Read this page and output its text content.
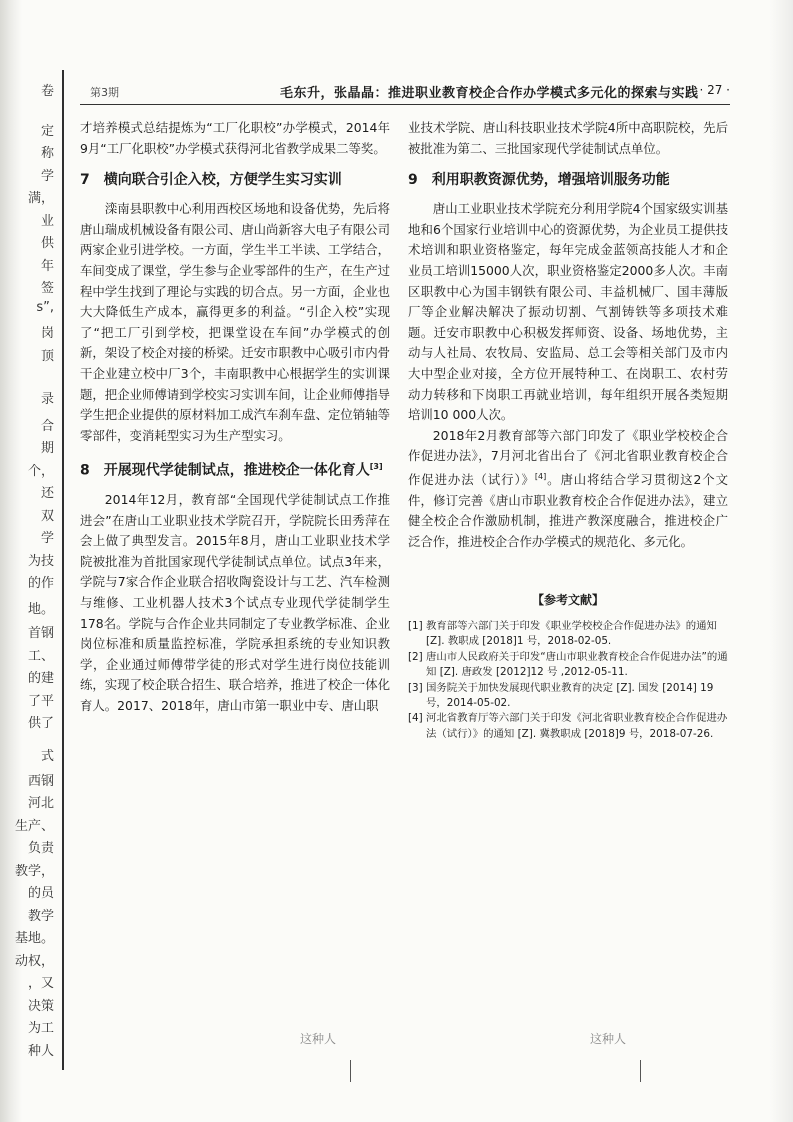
卷
定
称
学
满，
业
供
年
签
s”,
岗
顶
录
合
期
个，
还
双
学
为技
的作
地。
首钢
工、
的建
了平
供了
式
西钢
河北
生产、
负责
教学，
的员
教学
基地。
动权，
，又
决策
为工
种人
第3期	毛东升，张晶晶：推进职业教育校企合作办学模式多元化的探索与实践 · 27 ·

才培养模式总结提炼为“工厂化职校”办学模式，2014年9月“工厂化职校”办学模式获得河北省教学成果二等奖。

7　横向联合引企入校，方便学生实习实训

滦南县职教中心利用西校区场地和设备优势，先后将唐山瑞成机械设备有限公司、唐山尚新容大电子有限公司两家企业引进学校。一方面，学生半工半读、工学结合，车间变成了课堂，学生参与企业零部件的生产，在生产过程中学生找到了理论与实践的切合点。另一方面，企业也大大降低生产成本，赢得更多的利益。“引企入校”实现了“把工厂引到学校，把课堂设在车间”办学模式的创新，架设了校企对接的桥梁。迁安市职教中心吸引市内骨干企业建立校中厂3个，丰南职教中心根据学生的实训课题，把企业师傅请到学校实习实训车间，让企业师傅指导学生把企业提供的原材料加工成汽车刹车盘、定位销轴等零部件，变消耗型实习为生产型实习。

8　开展现代学徒制试点，推进校企一体化育人[3]

2014年12月，教育部“全国现代学徒制试点工作推进会”在唐山工业职业技术学院召开，学院院长田秀萍在会上做了典型发言。2015年8月，唐山工业职业技术学院被批准为首批国家现代学徒制试点单位。试点3年来，学院与7家合作企业联合招收陶瓷设计与工艺、汽车检测与维修、工业机器人技术3个试点专业现代学徒制学生178名。学院与合作企业共同制定了专业教学标准、企业岗位标准和质量监控标准，学院承担系统的专业知识教学，企业通过师傅带学徒的形式对学生进行岗位技能训练，实现了校企联合招生、联合培养，推进了校企一体化育人。2017、2018年，唐山市第一职业中专、唐山职

业技术学院、唐山科技职业技术学院4所中高职院校，先后被批准为第二、三批国家现代学徒制试点单位。

9　利用职教资源优势，增强培训服务功能

唐山工业职业技术学院充分利用学院4个国家级实训基地和6个国家行业培训中心的资源优势，为企业员工提供技术培训和职业资格鉴定，每年完成金蓝领高技能人才和企业员工培训15000人次，职业资格鉴定2000多人次。丰南区职教中心为国丰钢铁有限公司、丰益机械厂、国丰薄版厂等企业解决解决了振动切割、气割铸铁等多项技术难题。迁安市职教中心积极发挥师资、设备、场地优势，主动与人社局、农牧局、安监局、总工会等相关部门及市内大中型企业对接，全方位开展特种工、在岗职工、农村劳动力转移和下岗职工再就业培训，每年组织开展各类短期培训10 000人次。

2018年2月教育部等六部门印发了《职业学校校企合作促进办法》，7月河北省出台了《河北省职业教育校企合作促进办法（试行）》[4]。唐山将结合学习贯彻这2个文件，修订完善《唐山市职业教育校企合作促进办法》，建立健全校企合作激励机制，推进产教深度融合，推进校企广泛合作，推进校企合作办学模式的规范化、多元化。

【参考文献】
[1] 教育部等六部门关于印发《职业学校校企合作促进办法》的通知 [Z]. 教职成 [2018]1 号，2018-02-05.
[2] 唐山市人民政府关于印发“唐山市职业教育校企合作促进办法”的通知 [Z]. 唐政发 [2012]12 号 ,2012-05-11.
[3] 国务院关于加快发展现代职业教育的决定 [Z]. 国发 [2014] 19 号，2014-05-02.
[4] 河北省教育厅等六部门关于印发《河北省职业教育校企合作促进办法（试行）》的通知 [Z]. 冀教职成 [2018]9 号，2018-07-26.
这种人	这种人
